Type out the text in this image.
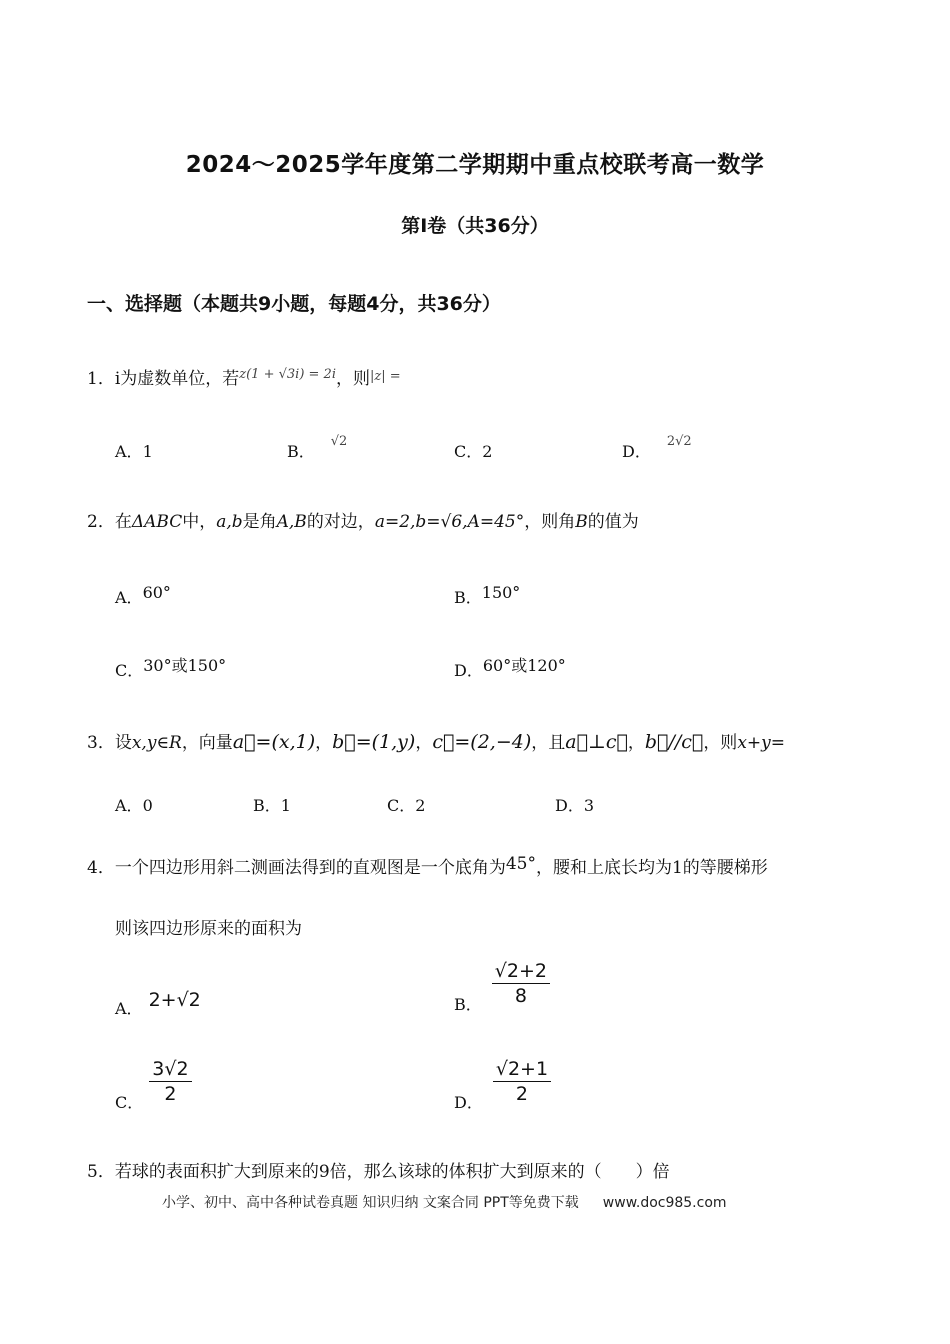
2024～2025学年度第二学期期中重点校联考高一数学
第Ⅰ卷（共36分）
一、选择题（本题共9小题，每题4分，共36分）
1．i为虚数单位，若$^{z(1 + √3i) = 2i}$，则$^{|z| =}$
A．1	B．$^{√2}$
C．2	D．$^{2√2}$
2．在ΔABC中，a,b是角A,B的对边，a=2,b=√6,A=45°，则角B的值为
A．60°	B．150°
C．30°或150°	D．60°或120°
3．设x,y∈R，向量a⃗=(x,1)，b⃗=(1,y)，c⃗=(2,−4)，且a⃗⊥c⃗，b⃗//c⃗，则x+y=
A．0	B．1	C．2	D．3
4．一个四边形用斜二测画法得到的直观图是一个底角为45°，腰和上底长均为1的等腰梯形
则该四边形原来的面积为
A． 2+√2	B． $\frac{√2+2}{8}$
C． $\frac{3√2}{2}$	D． $\frac{√2+1}{2}$
5．若球的表面积扩大到原来的9倍，那么该球的体积扩大到原来的（　　）倍
小学、初中、高中各种试卷真题 知识归纳 文案合同 PPT等免费下载 www.doc985.com
